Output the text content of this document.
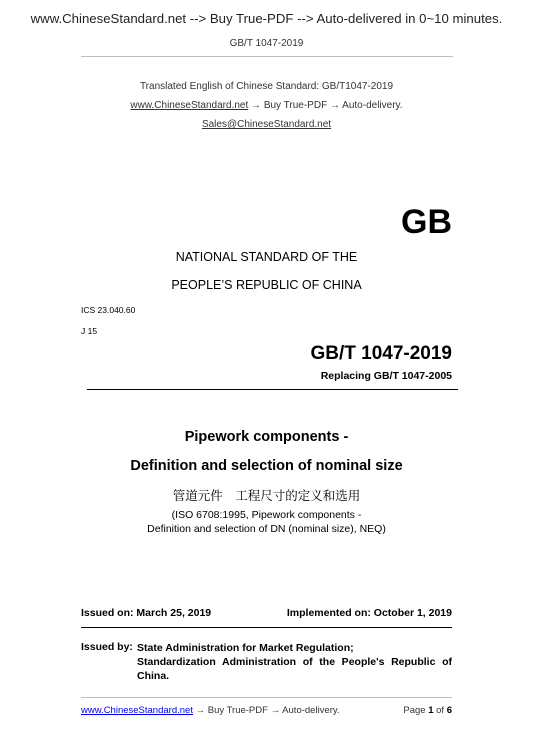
www.ChineseStandard.net --> Buy True-PDF --> Auto-delivered in 0~10 minutes.
GB/T 1047-2019
Translated English of Chinese Standard: GB/T1047-2019
www.ChineseStandard.net → Buy True-PDF → Auto-delivery.
Sales@ChineseStandard.net
GB
NATIONAL STANDARD OF THE
PEOPLE’S REPUBLIC OF CHINA
ICS 23.040.60
J 15
GB/T 1047-2019
Replacing GB/T 1047-2005
Pipework components -
Definition and selection of nominal size
管道元件　工程尺寸的定义和选用
(ISO 6708:1995, Pipework components -
Definition and selection of DN (nominal size), NEQ)
Issued on: March 25, 2019	Implemented on: October 1, 2019
Issued by: State Administration for Market Regulation;
Standardization Administration of the People's Republic of China.
www.ChineseStandard.net → Buy True-PDF → Auto-delivery.	Page 1 of 6
